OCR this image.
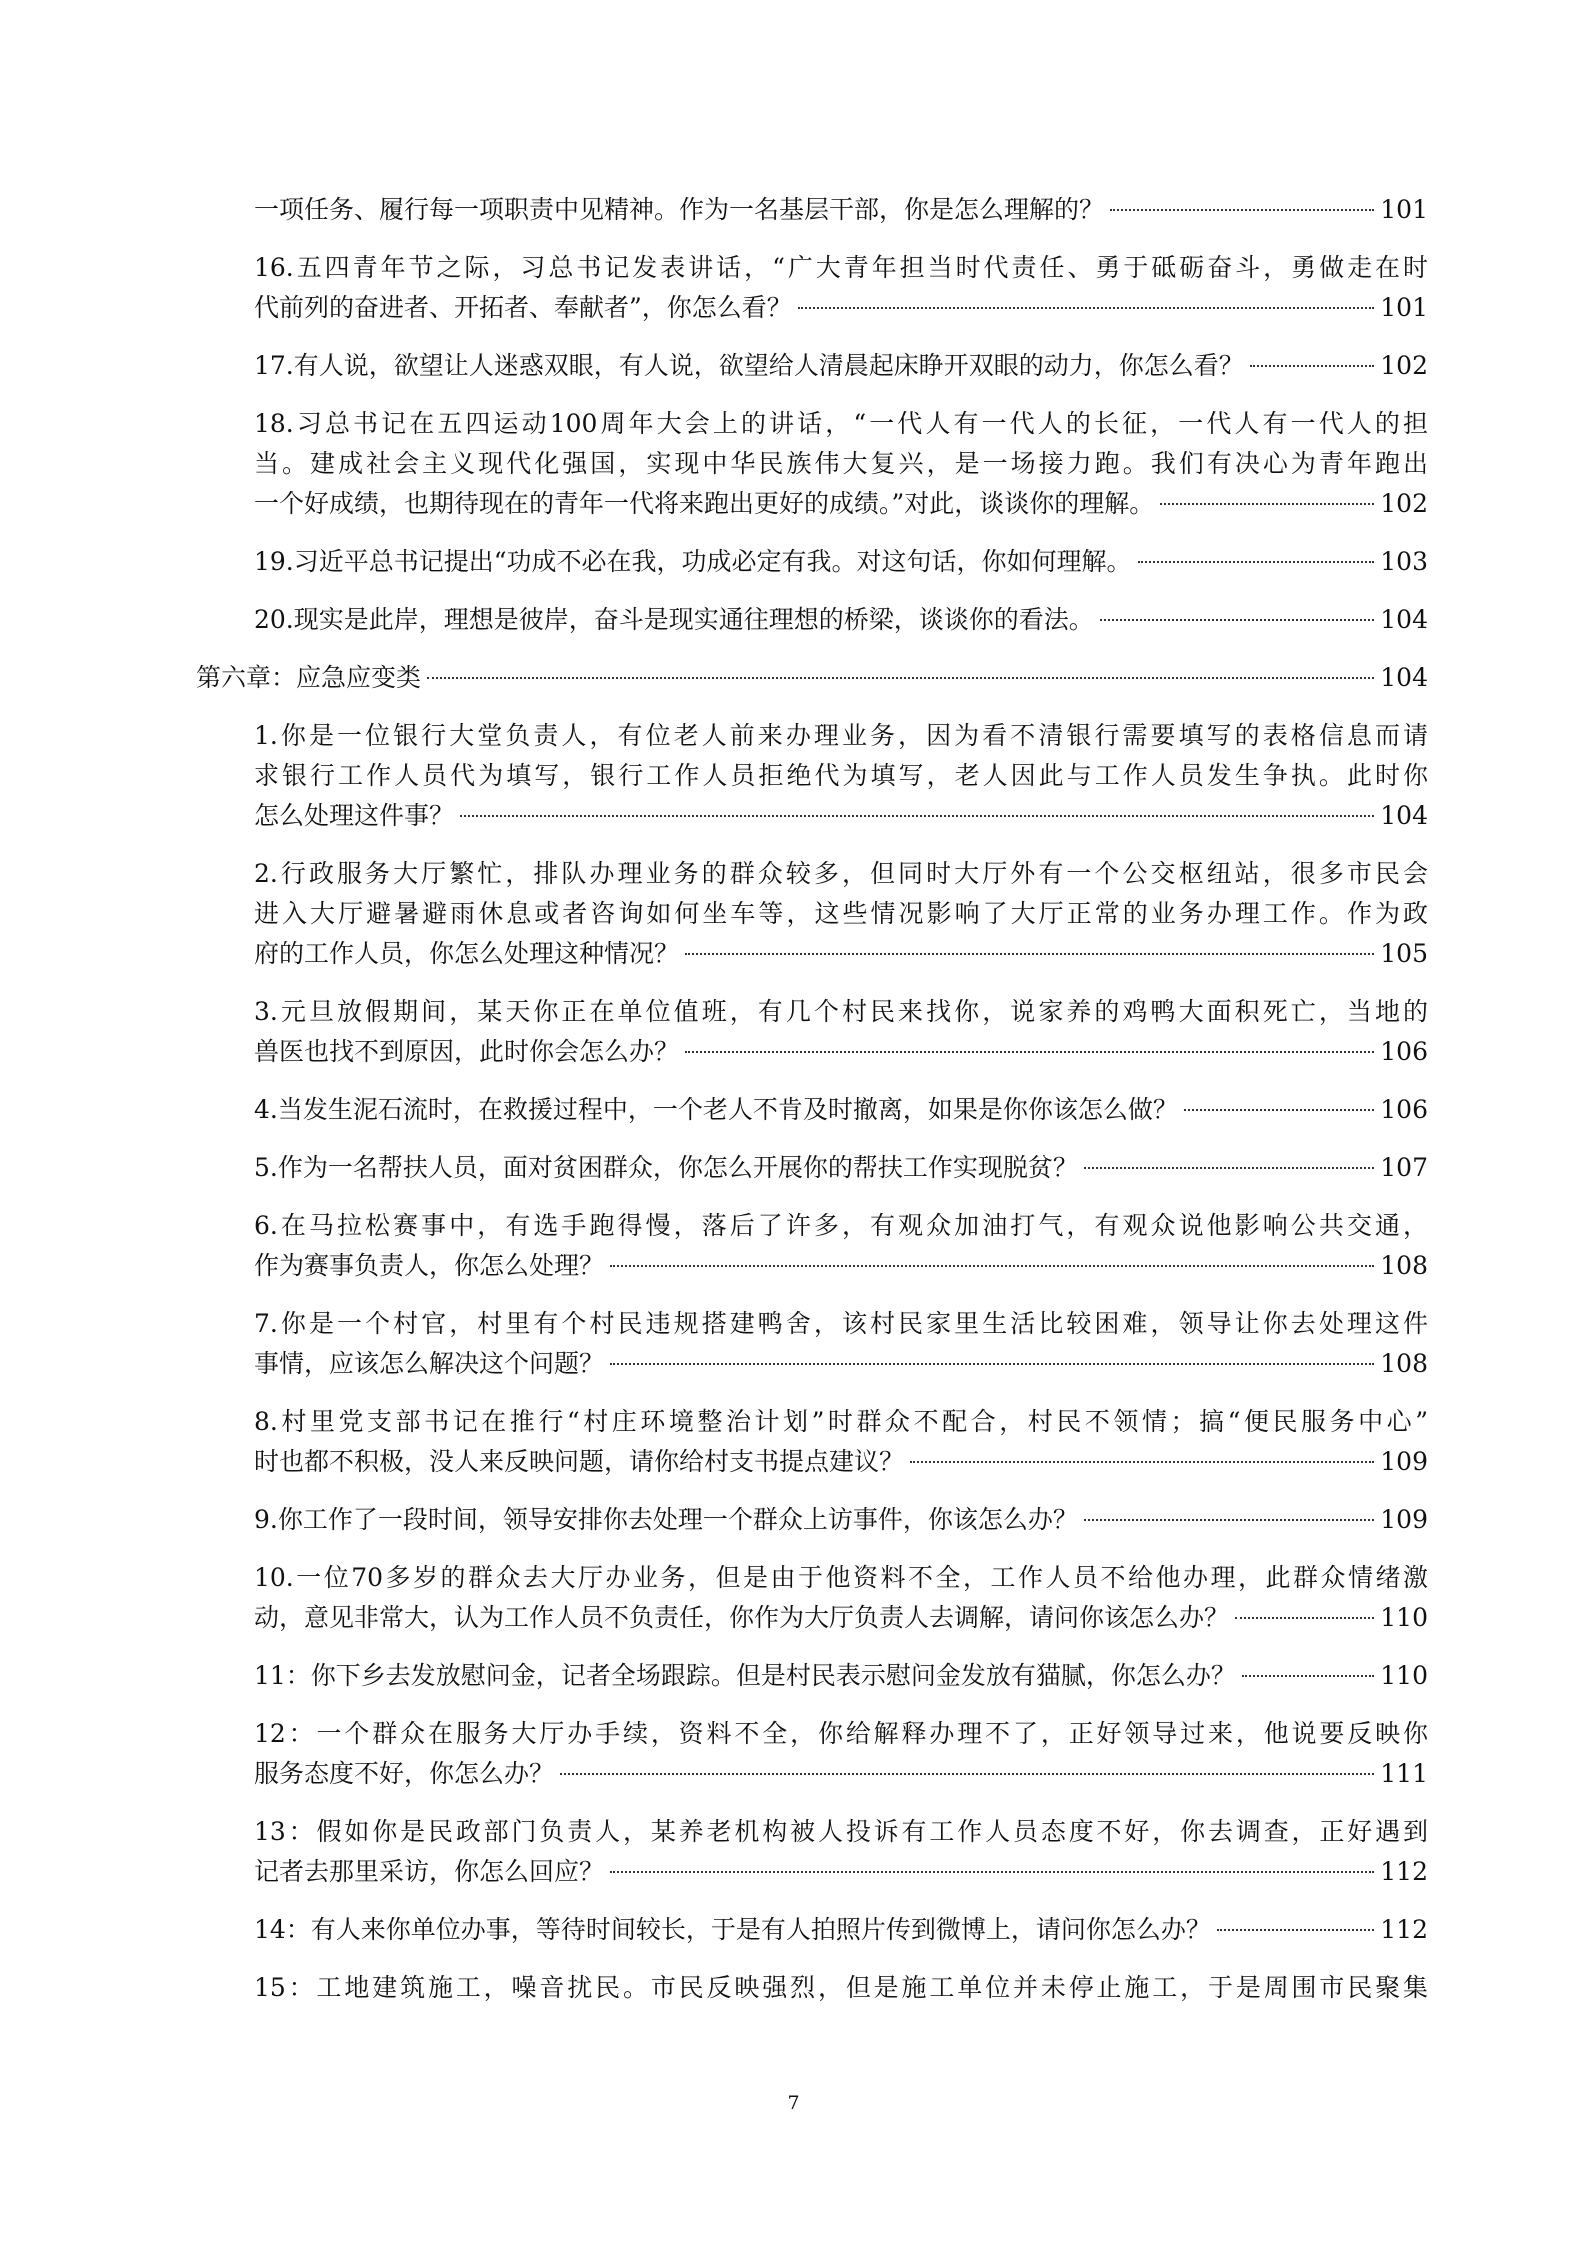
一项任务、履行每一项职责中见精神。作为一名基层干部，你是怎么理解的？	101
16.五四青年节之际，习总书记发表讲话，“广大青年担当时代责任、勇于砥砺奋斗，勇做走在时
代前列的奋进者、开拓者、奉献者”，你怎么看？	101
17.有人说，欲望让人迷惑双眼，有人说，欲望给人清晨起床睁开双眼的动力，你怎么看？	102
18.习总书记在五四运动100周年大会上的讲话，“一代人有一代人的长征，一代人有一代人的担
当。建成社会主义现代化强国，实现中华民族伟大复兴，是一场接力跑。我们有决心为青年跑出
一个好成绩，也期待现在的青年一代将来跑出更好的成绩。”对此，谈谈你的理解。	102
19.习近平总书记提出“功成不必在我，功成必定有我。对这句话，你如何理解。	103
20.现实是此岸，理想是彼岸，奋斗是现实通往理想的桥梁，谈谈你的看法。	104
第六章：应急应变类	104
1.你是一位银行大堂负责人，有位老人前来办理业务，因为看不清银行需要填写的表格信息而请
求银行工作人员代为填写，银行工作人员拒绝代为填写，老人因此与工作人员发生争执。此时你
怎么处理这件事？	104
2.行政服务大厅繁忙，排队办理业务的群众较多，但同时大厅外有一个公交枢纽站，很多市民会
进入大厅避暑避雨休息或者咨询如何坐车等，这些情况影响了大厅正常的业务办理工作。作为政
府的工作人员，你怎么处理这种情况？	105
3.元旦放假期间，某天你正在单位值班，有几个村民来找你，说家养的鸡鸭大面积死亡，当地的
兽医也找不到原因，此时你会怎么办？	106
4.当发生泥石流时，在救援过程中，一个老人不肯及时撤离，如果是你你该怎么做？	106
5.作为一名帮扶人员，面对贫困群众，你怎么开展你的帮扶工作实现脱贫？	107
6.在马拉松赛事中，有选手跑得慢，落后了许多，有观众加油打气，有观众说他影响公共交通，
作为赛事负责人，你怎么处理？	108
7.你是一个村官，村里有个村民违规搭建鸭舍，该村民家里生活比较困难，领导让你去处理这件
事情，应该怎么解决这个问题？	108
8.村里党支部书记在推行“村庄环境整治计划”时群众不配合，村民不领情；搞“便民服务中心”
时也都不积极，没人来反映问题，请你给村支书提点建议？	109
9.你工作了一段时间，领导安排你去处理一个群众上访事件，你该怎么办？	109
10.一位70多岁的群众去大厅办业务，但是由于他资料不全，工作人员不给他办理，此群众情绪激
动，意见非常大，认为工作人员不负责任，你作为大厅负责人去调解，请问你该怎么办？	110
11：你下乡去发放慰问金，记者全场跟踪。但是村民表示慰问金发放有猫腻，你怎么办？	110
12：一个群众在服务大厅办手续，资料不全，你给解释办理不了，正好领导过来，他说要反映你
服务态度不好，你怎么办？	111
13：假如你是民政部门负责人，某养老机构被人投诉有工作人员态度不好，你去调查，正好遇到
记者去那里采访，你怎么回应？	112
14：有人来你单位办事，等待时间较长，于是有人拍照片传到微博上，请问你怎么办？	112
15：工地建筑施工，噪音扰民。市民反映强烈，但是施工单位并未停止施工，于是周围市民聚集
7
